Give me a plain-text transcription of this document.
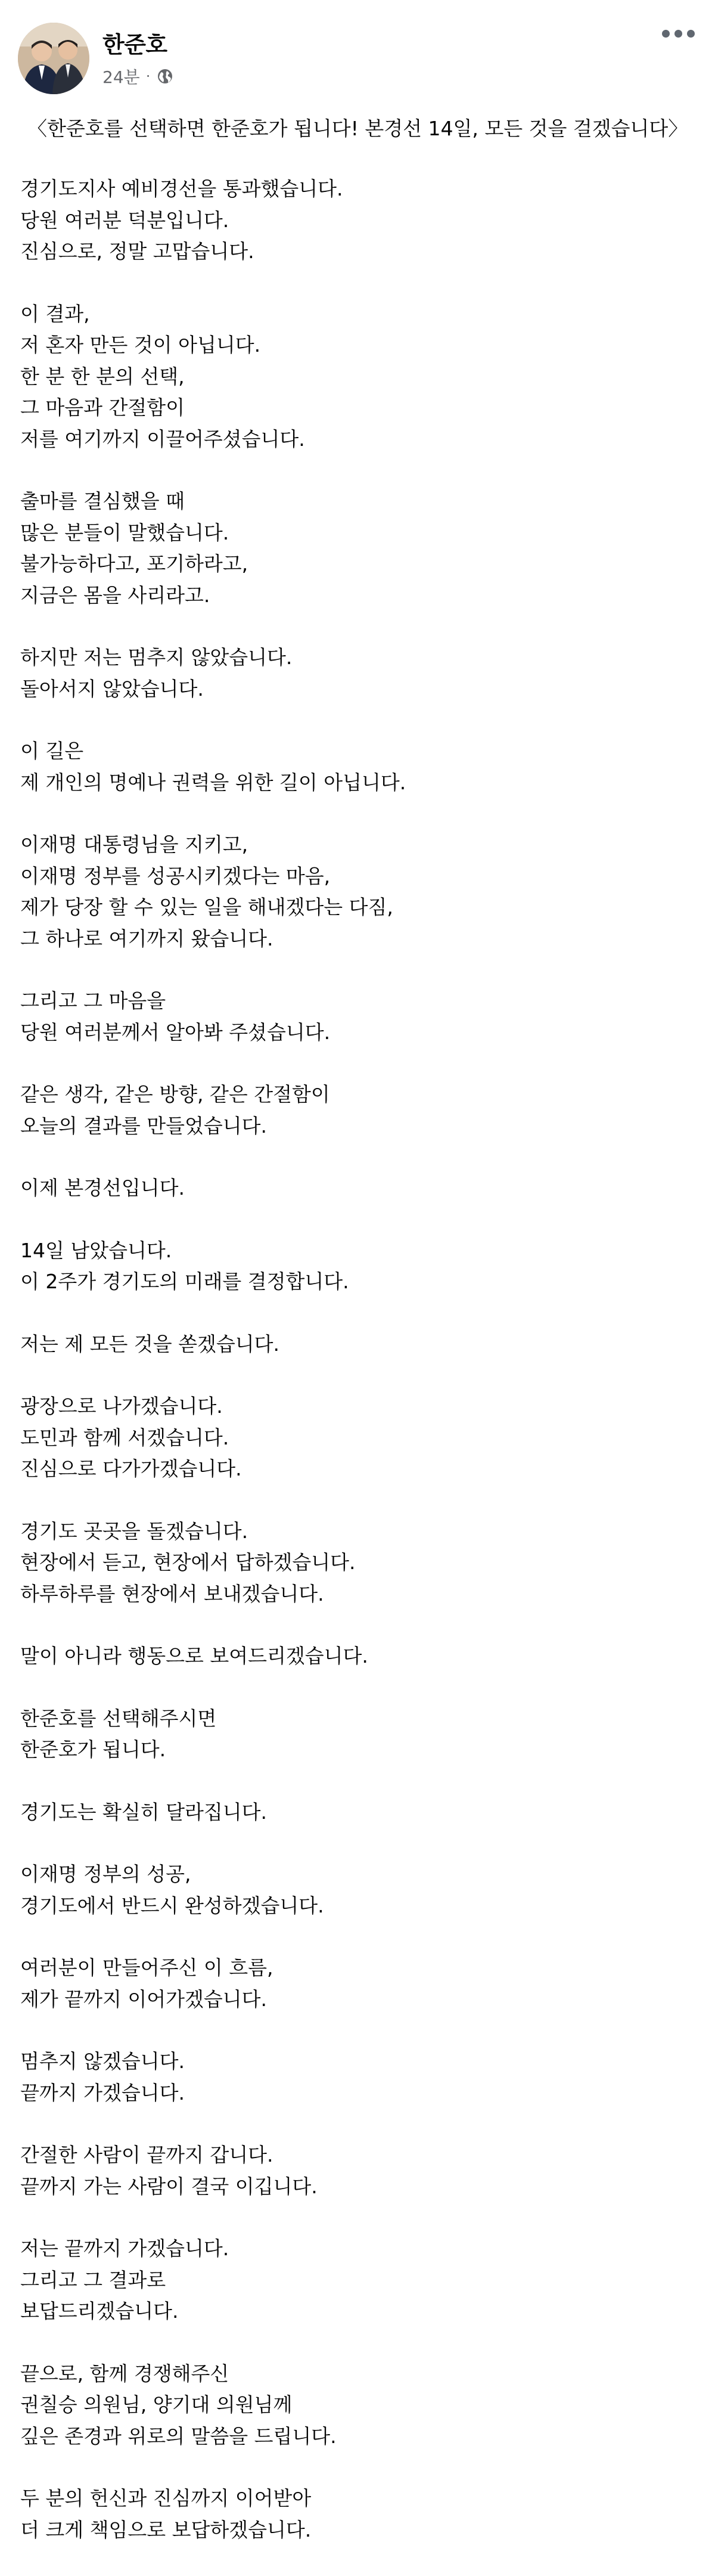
한준호
24분 ·
〈한준호를 선택하면 한준호가 됩니다! 본경선 14일, 모든 것을 걸겠습니다〉
경기도지사 예비경선을 통과했습니다.
당원 여러분 덕분입니다.
진심으로, 정말 고맙습니다.
이 결과,
저 혼자 만든 것이 아닙니다.
한 분 한 분의 선택,
그 마음과 간절함이
저를 여기까지 이끌어주셨습니다.
출마를 결심했을 때
많은 분들이 말했습니다.
불가능하다고, 포기하라고,
지금은 몸을 사리라고.
하지만 저는 멈추지 않았습니다.
돌아서지 않았습니다.
이 길은
제 개인의 명예나 권력을 위한 길이 아닙니다.
이재명 대통령님을 지키고,
이재명 정부를 성공시키겠다는 마음,
제가 당장 할 수 있는 일을 해내겠다는 다짐,
그 하나로 여기까지 왔습니다.
그리고 그 마음을
당원 여러분께서 알아봐 주셨습니다.
같은 생각, 같은 방향, 같은 간절함이
오늘의 결과를 만들었습니다.
이제 본경선입니다.
14일 남았습니다.
이 2주가 경기도의 미래를 결정합니다.
저는 제 모든 것을 쏟겠습니다.
광장으로 나가겠습니다.
도민과 함께 서겠습니다.
진심으로 다가가겠습니다.
경기도 곳곳을 돌겠습니다.
현장에서 듣고, 현장에서 답하겠습니다.
하루하루를 현장에서 보내겠습니다.
말이 아니라 행동으로 보여드리겠습니다.
한준호를 선택해주시면
한준호가 됩니다.
경기도는 확실히 달라집니다.
이재명 정부의 성공,
경기도에서 반드시 완성하겠습니다.
여러분이 만들어주신 이 흐름,
제가 끝까지 이어가겠습니다.
멈추지 않겠습니다.
끝까지 가겠습니다.
간절한 사람이 끝까지 갑니다.
끝까지 가는 사람이 결국 이깁니다.
저는 끝까지 가겠습니다.
그리고 그 결과로
보답드리겠습니다.
끝으로, 함께 경쟁해주신
권칠승 의원님, 양기대 의원님께
깊은 존경과 위로의 말씀을 드립니다.
두 분의 헌신과 진심까지 이어받아
더 크게 책임으로 보답하겠습니다.
